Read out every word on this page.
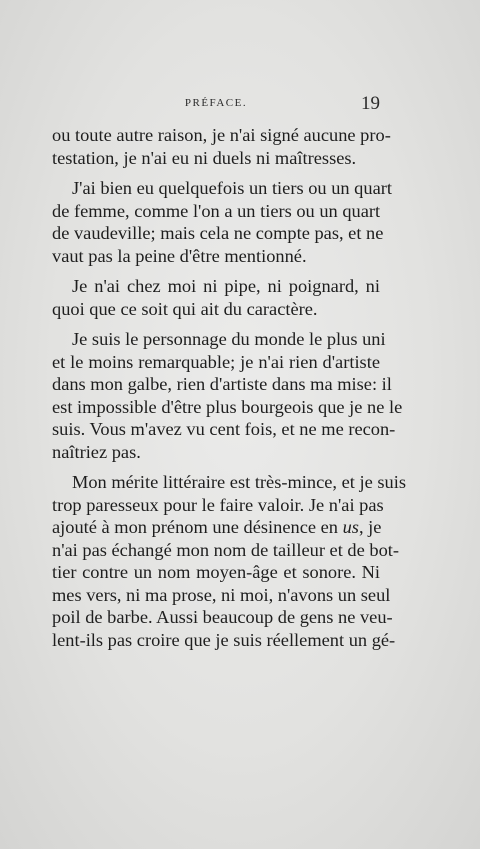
PRÉFACE.	19
ou toute autre raison, je n'ai signé aucune pro-
testation, je n'ai eu ni duels ni maîtresses.
J'ai bien eu quelquefois un tiers ou un quart
de femme, comme l'on a un tiers ou un quart
de vaudeville; mais cela ne compte pas, et ne
vaut pas la peine d'être mentionné.
Je n'ai chez moi ni pipe, ni poignard, ni
quoi que ce soit qui ait du caractère.
Je suis le personnage du monde le plus uni
et le moins remarquable; je n'ai rien d'artiste
dans mon galbe, rien d'artiste dans ma mise: il
est impossible d'être plus bourgeois que je ne le
suis. Vous m'avez vu cent fois, et ne me recon-
naîtriez pas.
Mon mérite littéraire est très-mince, et je suis
trop paresseux pour le faire valoir. Je n'ai pas
ajouté à mon prénom une désinence en us, je
n'ai pas échangé mon nom de tailleur et de bot-
tier contre un nom moyen-âge et sonore. Ni
mes vers, ni ma prose, ni moi, n'avons un seul
poil de barbe. Aussi beaucoup de gens ne veu-
lent-ils pas croire que je suis réellement un gé-
